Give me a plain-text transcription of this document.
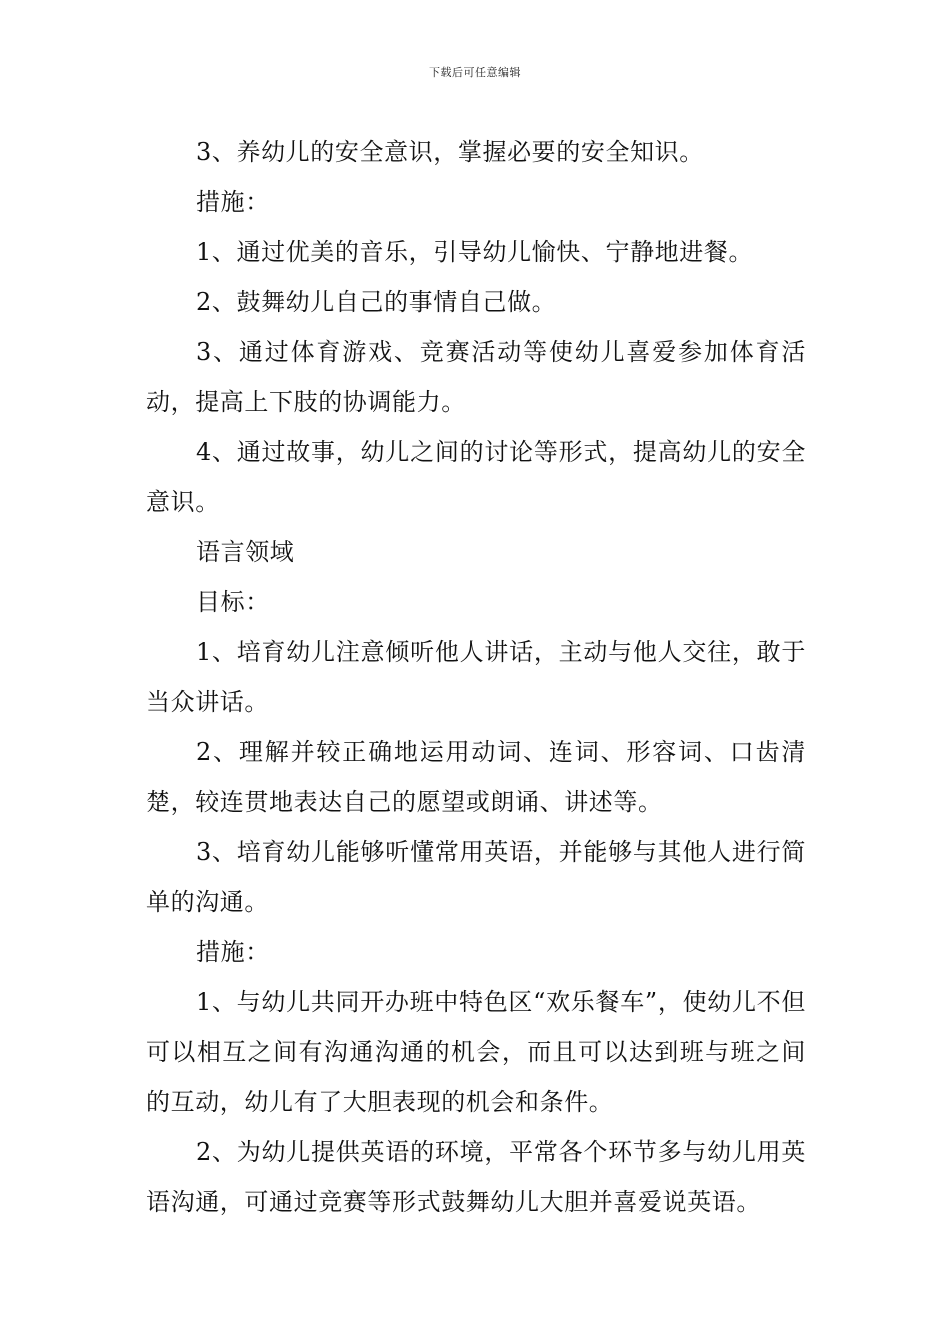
下载后可任意编辑

3、养幼儿的安全意识，掌握必要的安全知识。

措施：

1、通过优美的音乐，引导幼儿愉快、宁静地进餐。

2、鼓舞幼儿自己的事情自己做。

3、通过体育游戏、竞赛活动等使幼儿喜爱参加体育活动，提高上下肢的协调能力。

4、通过故事，幼儿之间的讨论等形式，提高幼儿的安全意识。

语言领域

目标：

1、培育幼儿注意倾听他人讲话，主动与他人交往，敢于当众讲话。

2、理解并较正确地运用动词、连词、形容词、口齿清楚，较连贯地表达自己的愿望或朗诵、讲述等。

3、培育幼儿能够听懂常用英语，并能够与其他人进行简单的沟通。

措施：

1、与幼儿共同开办班中特色区“欢乐餐车”，使幼儿不但可以相互之间有沟通沟通的机会，而且可以达到班与班之间的互动，幼儿有了大胆表现的机会和条件。

2、为幼儿提供英语的环境，平常各个环节多与幼儿用英语沟通，可通过竞赛等形式鼓舞幼儿大胆并喜爱说英语。
